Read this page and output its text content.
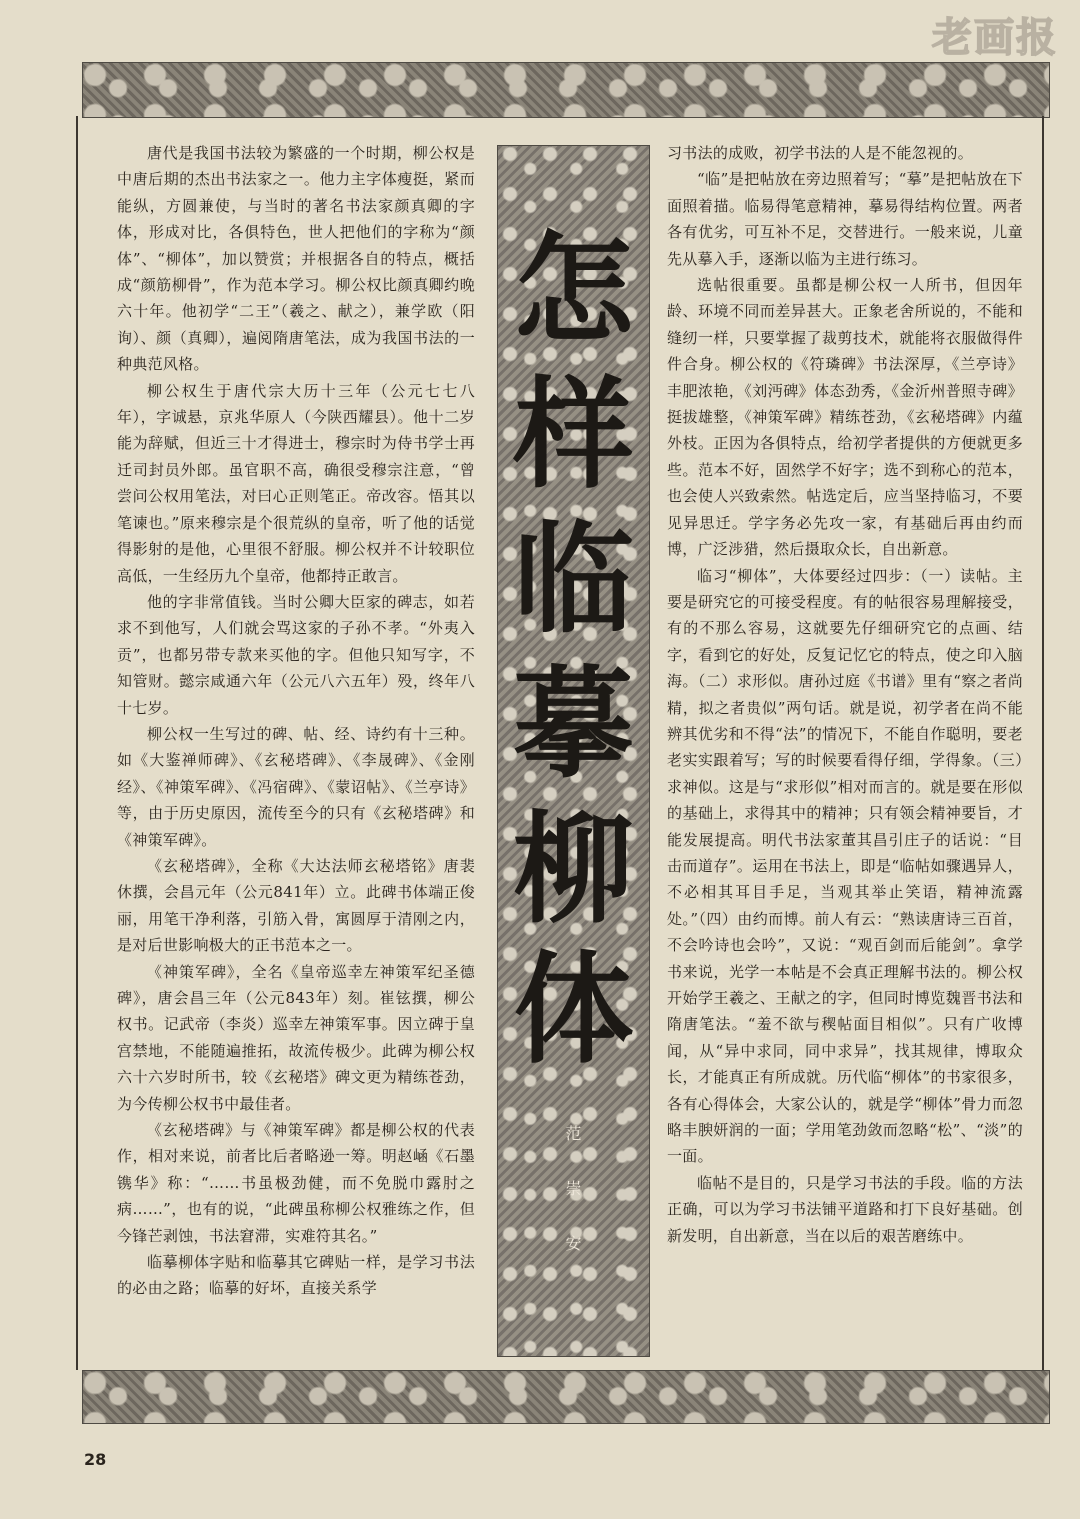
老画报

唐代是我国书法较为繁盛的一个时期，柳公权是中唐后期的杰出书法家之一。他力主字体瘦挺，紧而能纵，方圆兼使，与当时的著名书法家颜真卿的字体，形成对比，各俱特色，世人把他们的字称为“颜体”、“柳体”，加以赞赏；并根据各自的特点，概括成“颜筋柳骨”，作为范本学习。柳公权比颜真卿约晚六十年。他初学“二王”（羲之、献之），兼学欧（阳询）、颜（真卿），遍阅隋唐笔法，成为我国书法的一种典范风格。

柳公权生于唐代宗大历十三年（公元七七八年），字诚悬，京兆华原人（今陕西耀县）。他十二岁能为辞赋，但近三十才得进士，穆宗时为侍书学士再迁司封员外郎。虽官职不高，确很受穆宗注意，“曾尝问公权用笔法，对曰心正则笔正。帝改容。悟其以笔谏也。”原来穆宗是个很荒纵的皇帝，听了他的话觉得影射的是他，心里很不舒服。柳公权并不计较职位高低，一生经历九个皇帝，他都持正敢言。

他的字非常值钱。当时公卿大臣家的碑志，如若求不到他写，人们就会骂这家的子孙不孝。“外夷入贡”，也都另带专款来买他的字。但他只知写字，不知管财。懿宗咸通六年（公元八六五年）殁，终年八十七岁。

柳公权一生写过的碑、帖、经、诗约有十三种。如《大鉴禅师碑》、《玄秘塔碑》、《李晟碑》、《金刚经》、《神策军碑》、《冯宿碑》、《蒙诏帖》、《兰亭诗》等，由于历史原因，流传至今的只有《玄秘塔碑》和《神策军碑》。

《玄秘塔碑》，全称《大达法师玄秘塔铭》唐裴休撰，会昌元年（公元841年）立。此碑书体端正俊丽，用笔干净利落，引筋入骨，寓圆厚于清刚之内，是对后世影响极大的正书范本之一。

《神策军碑》，全名《皇帝巡幸左神策军纪圣德碑》，唐会昌三年（公元843年）刻。崔铉撰，柳公权书。记武帝（李炎）巡幸左神策军事。因立碑于皇宫禁地，不能随遍推拓，故流传极少。此碑为柳公权六十六岁时所书，较《玄秘塔》碑文更为精练苍劲，为今传柳公权书中最佳者。

《玄秘塔碑》与《神策军碑》都是柳公权的代表作，相对来说，前者比后者略逊一筹。明赵崡《石墨镌华》称：“……书虽极劲健，而不免脱巾露肘之病……”，也有的说，“此碑虽称柳公权雅练之作，但今锋芒剥蚀，书法窘滞，实难符其名。”

临摹柳体字贴和临摹其它碑贴一样，是学习书法的必由之路；临摹的好坏，直接关系学

怎
样
临
摹
柳
体
范
崇
安

习书法的成败，初学书法的人是不能忽视的。

“临”是把帖放在旁边照着写；“摹”是把帖放在下面照着描。临易得笔意精神，摹易得结构位置。两者各有优劣，可互补不足，交替进行。一般来说，儿童先从摹入手，逐渐以临为主进行练习。

选帖很重要。虽都是柳公权一人所书，但因年龄、环境不同而差异甚大。正象老舍所说的，不能和缝纫一样，只要掌握了裁剪技术，就能将衣服做得件件合身。柳公权的《符璘碑》书法深厚，《兰亭诗》丰肥浓艳，《刘沔碑》体态劲秀，《金沂州普照寺碑》挺拔雄整，《神策军碑》精练苍劲，《玄秘塔碑》内蕴外枝。正因为各俱特点，给初学者提供的方便就更多些。范本不好，固然学不好字；选不到称心的范本，也会使人兴致索然。帖选定后，应当坚持临习，不要见异思迁。学字务必先攻一家，有基础后再由约而博，广泛涉猎，然后摄取众长，自出新意。

临习“柳体”，大体要经过四步：（一）读帖。主要是研究它的可接受程度。有的帖很容易理解接受，有的不那么容易，这就要先仔细研究它的点画、结字，看到它的好处，反复记忆它的特点，使之印入脑海。（二）求形似。唐孙过庭《书谱》里有“察之者尚精，拟之者贵似”两句话。就是说，初学者在尚不能辨其优劣和不得“法”的情况下，不能自作聪明，要老老实实跟着写；写的时候要看得仔细，学得象。（三）求神似。这是与“求形似”相对而言的。就是要在形似的基础上，求得其中的精神；只有领会精神要旨，才能发展提高。明代书法家董其昌引庄子的话说：“目击而道存”。运用在书法上，即是“临帖如骤遇异人，不必相其耳目手足，当观其举止笑语，精神流露处。”（四）由约而博。前人有云：“熟读唐诗三百首，不会吟诗也会吟”，又说：“观百剑而后能剑”。拿学书来说，光学一本帖是不会真正理解书法的。柳公权开始学王羲之、王献之的字，但同时博览魏晋书法和隋唐笔法。“羞不欲与稧帖面目相似”。只有广收博闻，从“异中求同，同中求异”，找其规律，博取众长，才能真正有所成就。历代临“柳体”的书家很多，各有心得体会，大家公认的，就是学“柳体”骨力而忽略丰腴妍润的一面；学用笔劲敛而忽略“松”、“淡”的一面。

临帖不是目的，只是学习书法的手段。临的方法正确，可以为学习书法铺平道路和打下良好基础。创新发明，自出新意，当在以后的艰苦磨练中。

28
